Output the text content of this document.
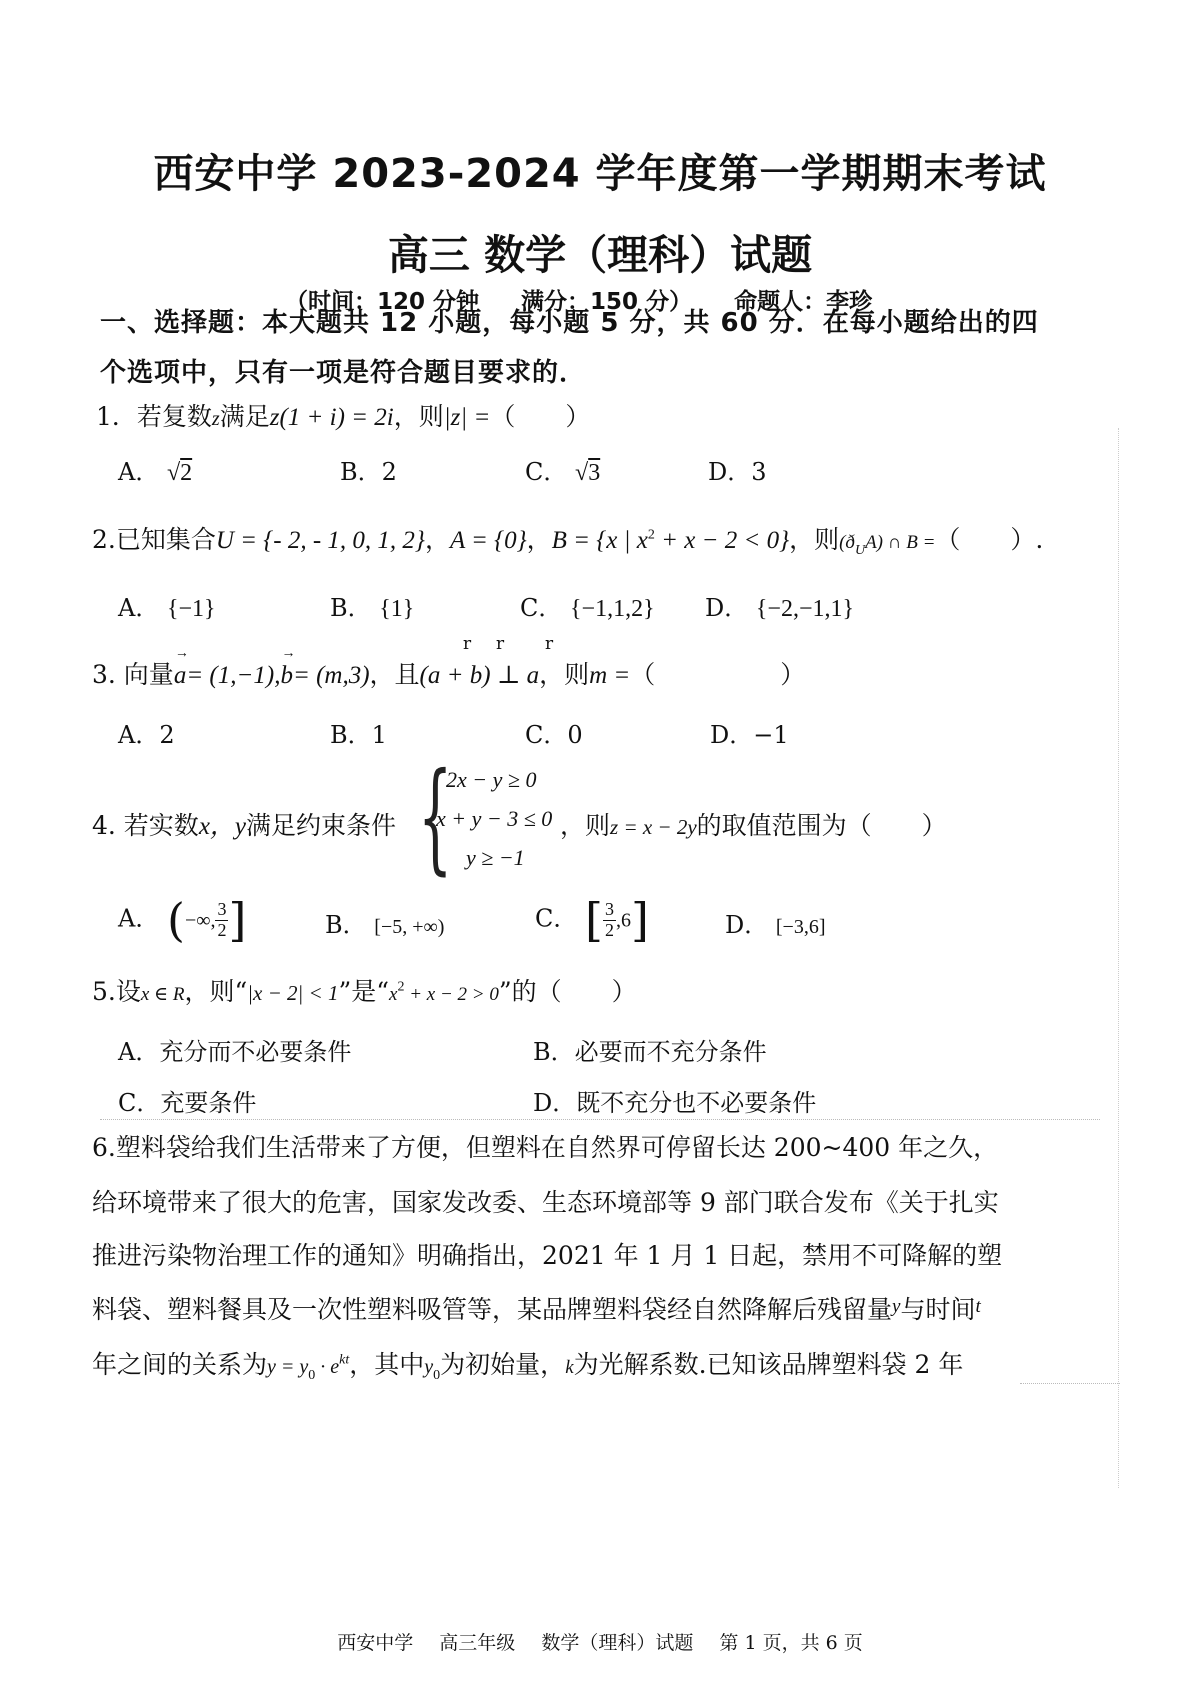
西安中学 2023-2024 学年度第一学期期末考试
高三 数学（理科）试题
（时间：120 分钟 满分：150 分） 命题人：李珍
一、选择题：本大题共 12 小题，每小题 5 分，共 60 分．在每小题给出的四
个选项中，只有一项是符合题目要求的．
1．若复数z满足z(1 + i) = 2i，则|z| =（　　）
A． √2	B．2	C． √3	D．3
2.已知集合U = {- 2, - 1, 0, 1, 2}，A = {0}，B = {x | $x^2 + x - 2 < 0$}，则$(ð_UA)$ ∩ B =（　　）.
A． {−1}	B． {1}	C． {−1,1,2} D． {−2,−1,1}
r r r
3. 向量→ a= (1,−1),→ b= (m,3)，且(a + b) ⊥ a，则m =（　　　　　）
A．2	B．1	C．0	D．−1
4. 若实数x，y满足约束条件 {
2x − y ≥ 0
x + y − 3 ≤ 0
y ≥ −1
，则z = x − 2y的取值范围为（　　）
A． (−∞, $\frac{3}{2}$ ]	B． [−5, +∞)	C． [ $\frac{3}{2} ,6$]	D． [−3,6]
5.设x ∈ R，则“|x − 2| < 1”是“$x^2 + x - 2 > 0$”的（　　）
A．充分而不必要条件	B．必要而不充分条件
C．充要条件	D．既不充分也不必要条件
6.塑料袋给我们生活带来了方便，但塑料在自然界可停留长达 200~400 年之久，
给环境带来了很大的危害，国家发改委、生态环境部等 9 部门联合发布《关于扎实
推进污染物治理工作的通知》明确指出，2021 年 1 月 1 日起，禁用不可降解的塑
料袋、塑料餐具及一次性塑料吸管等，某品牌塑料袋经自然降解后残留量$^y$与时间$^t$
年之间的关系为$y = y_0 \cdot e^{kt}$，其中$y_0$为初始量，k为光解系数.已知该品牌塑料袋 2 年
西安中学 高三年级 数学（理科）试题 第 1 页，共 6 页
